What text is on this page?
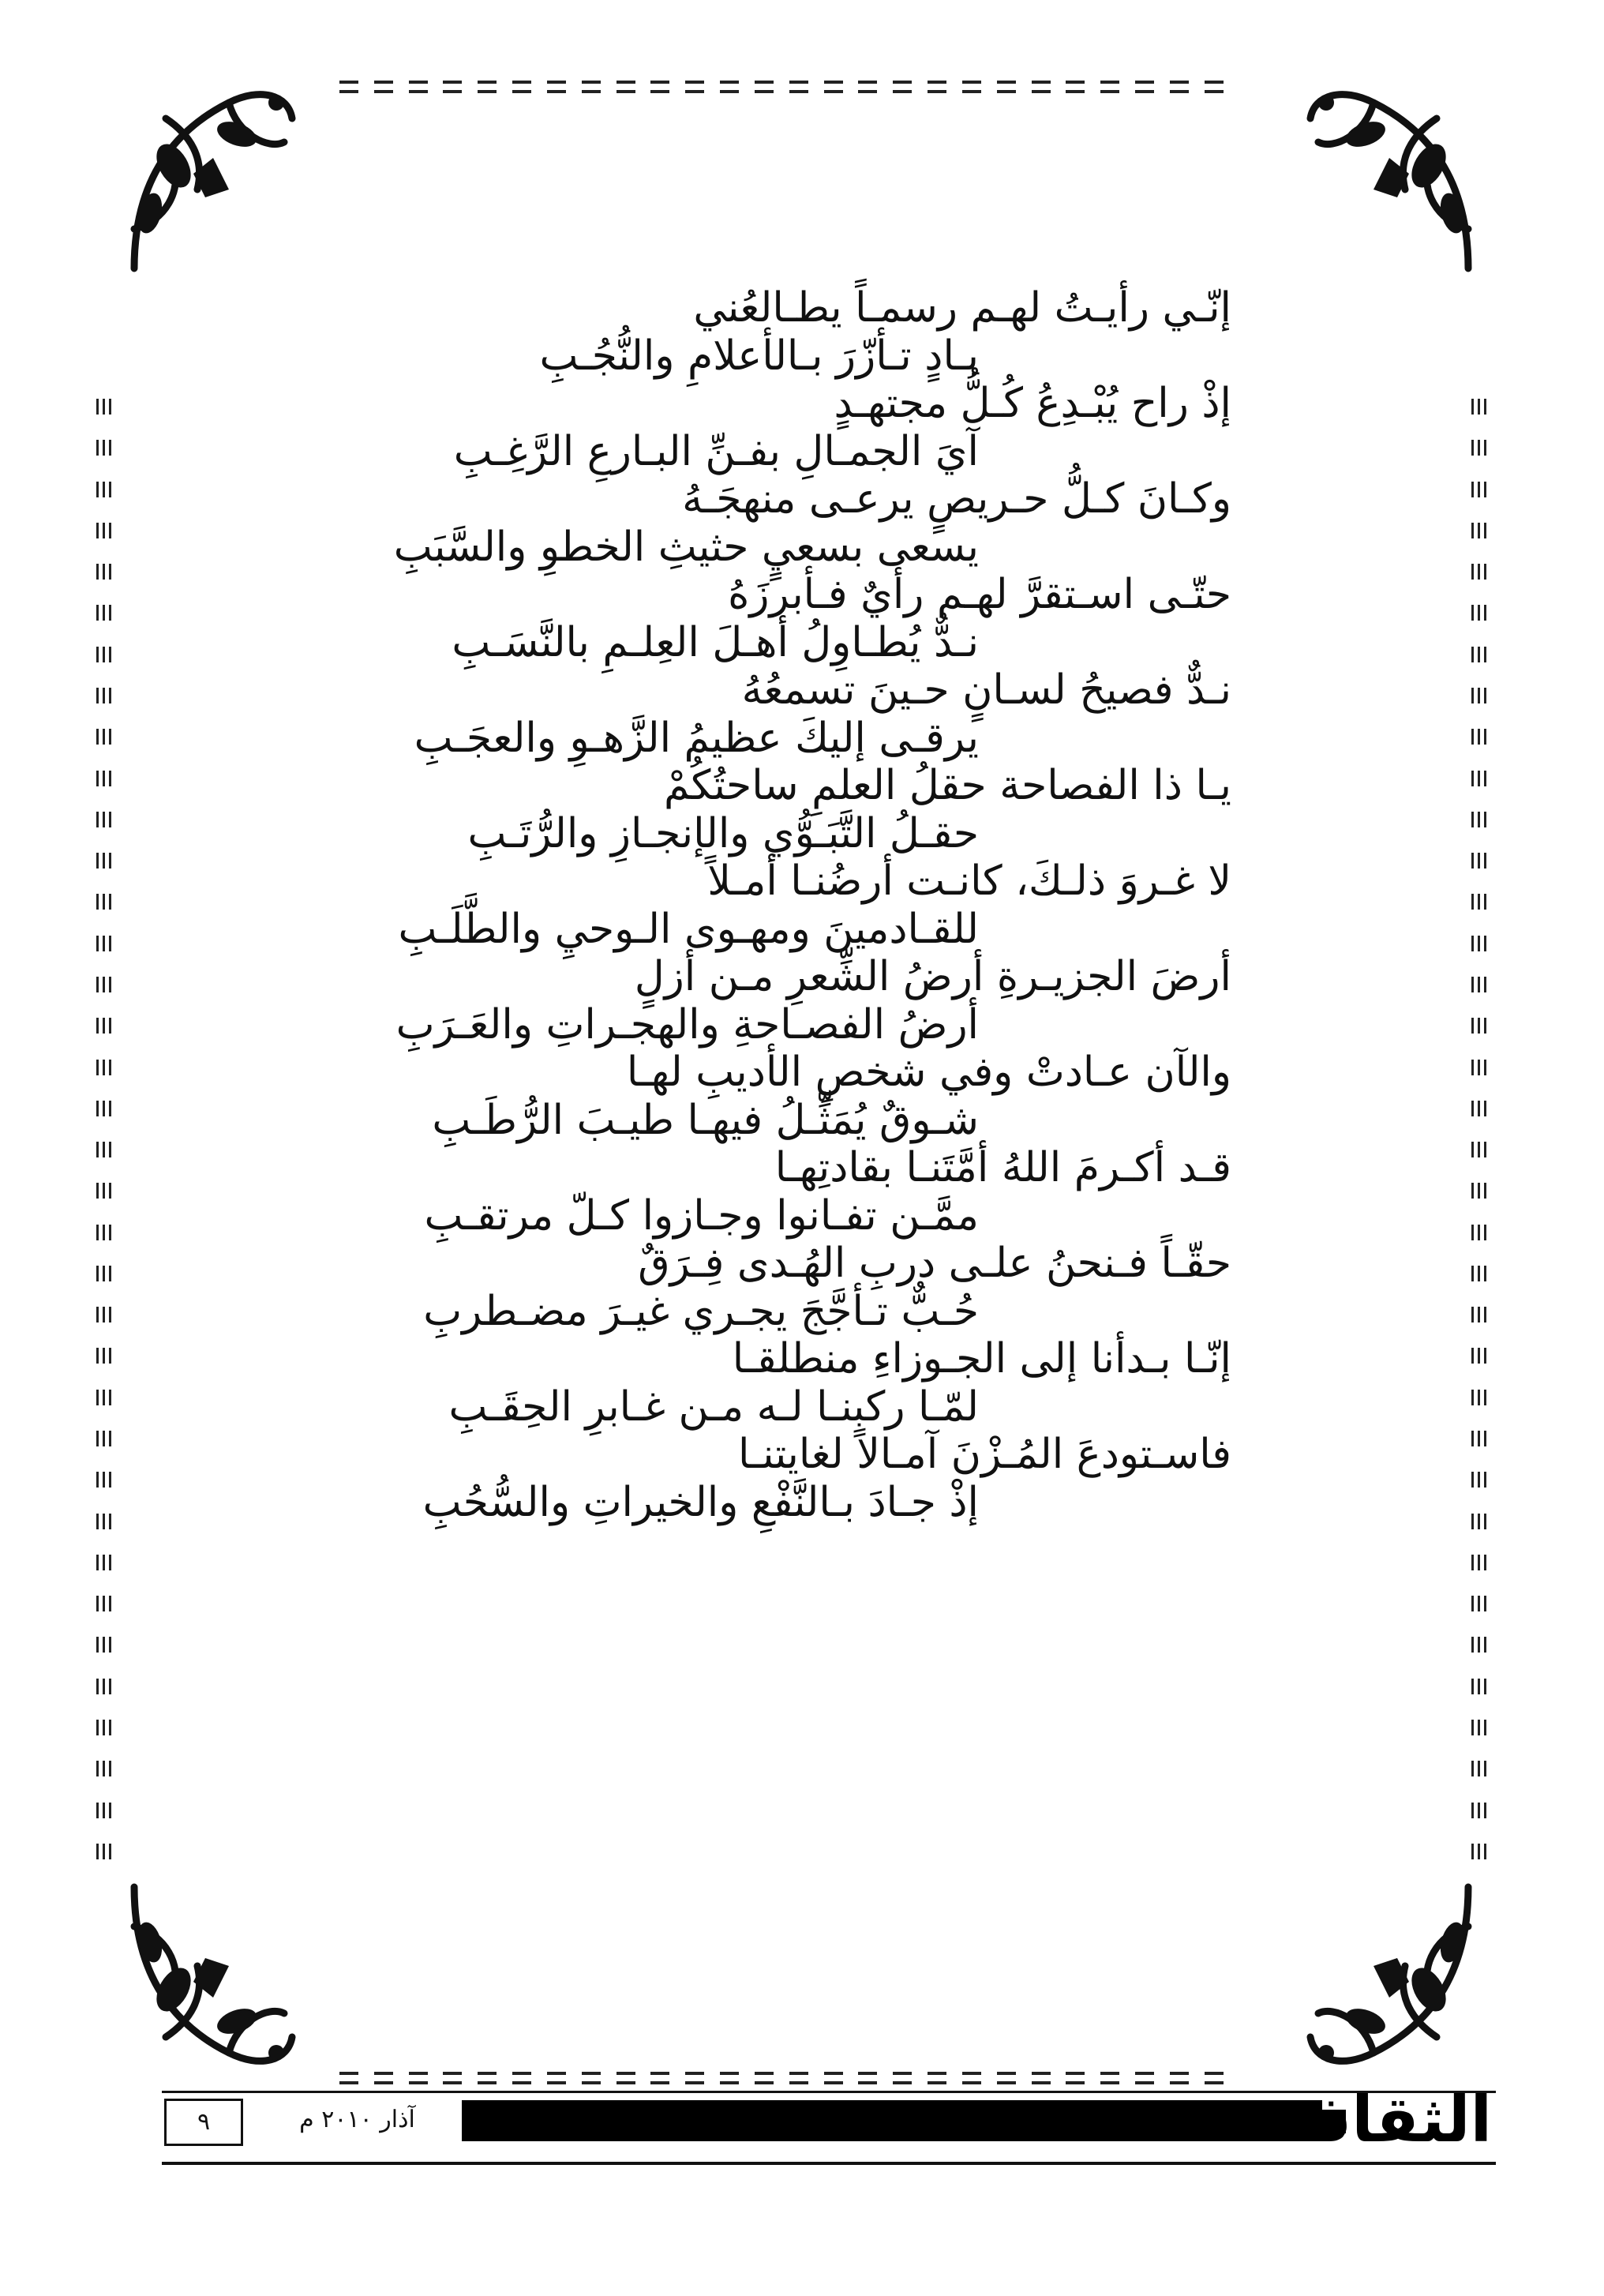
إنّـي رأيـتُ لهـم رسمـاً يطـالعُني
بـادٍ تـأزّرَ بـالأعلامِ والنُّجُـبِ
إذْ راح يُبْـدِعُ كُـلُّ مجتهـدٍ
آيَ الجمـالِ بفـنِّ البـارعِ الرَّغِـبِ
وكـانَ كـلُّ حـريصٍ يرعـى منهجَـهُ
يسعى بسعيٍ حثيثِ الخطوِ والسَّبَبِ
حتّـى اسـتقرَّ لهـم رأيٌ فـأبرزَهُ
نـدٌّ يُطـاوِلُ أهـلَ العِلـمِ بالنَّسَـبِ
نـدٌّ فصيحُ لسـانٍ حـينَ تسمعُهُ
يرقـى إليكَ عظيمُ الزَّهـوِ والعجَـبِ
يـا ذا الفصاحة حقلُ العلمِ ساحتُكُمْ
حقـلُ التَّبَـوُّي والإنجـازِ والرُّتَـبِ
لا غـروَ ذلـكَ، كانـت أرضُنـا أمـلاً
للقـادمينَ ومهـوى الـوحيِ والطَّلَـبِ
أرضَ الجزيـرةِ أرضُ الشِّعرِ مـن أزلٍ
أرضُ الفصـاحةِ والهجـراتِ والعَـرَبِ
والآن عـادتْ وفي شخصِ الأديبِ لهـا
شـوقٌ يُمَثِّـلُ فيهـا طيـبَ الرُّطَـبِ
قـد أكـرمَ اللهُ أمَّتَنـا بقادتِهـا
ممَّـن تفـانوا وجـازوا كـلّ مرتقـبِ
حقّـاً فـنحنُ علـى دربِ الهُـدى فِـرَقٌ
حُـبٌّ تـأجَّجَ يجـري غيـرَ مضـطربِ
إنّـا بـدأنا إلى الجـوزاءِ منطلقـا
لمّـا ركبنـا لـه مـن غـابرِ الحِقَـبِ
فاسـتودعَ المُـزْنَ آمـالاً لغايتنـا
إذْ جـادَ بـالنَّفْعِ والخيراتِ والسُّحُبِ
الثقافة
آذار ٢٠١٠ م
٩
